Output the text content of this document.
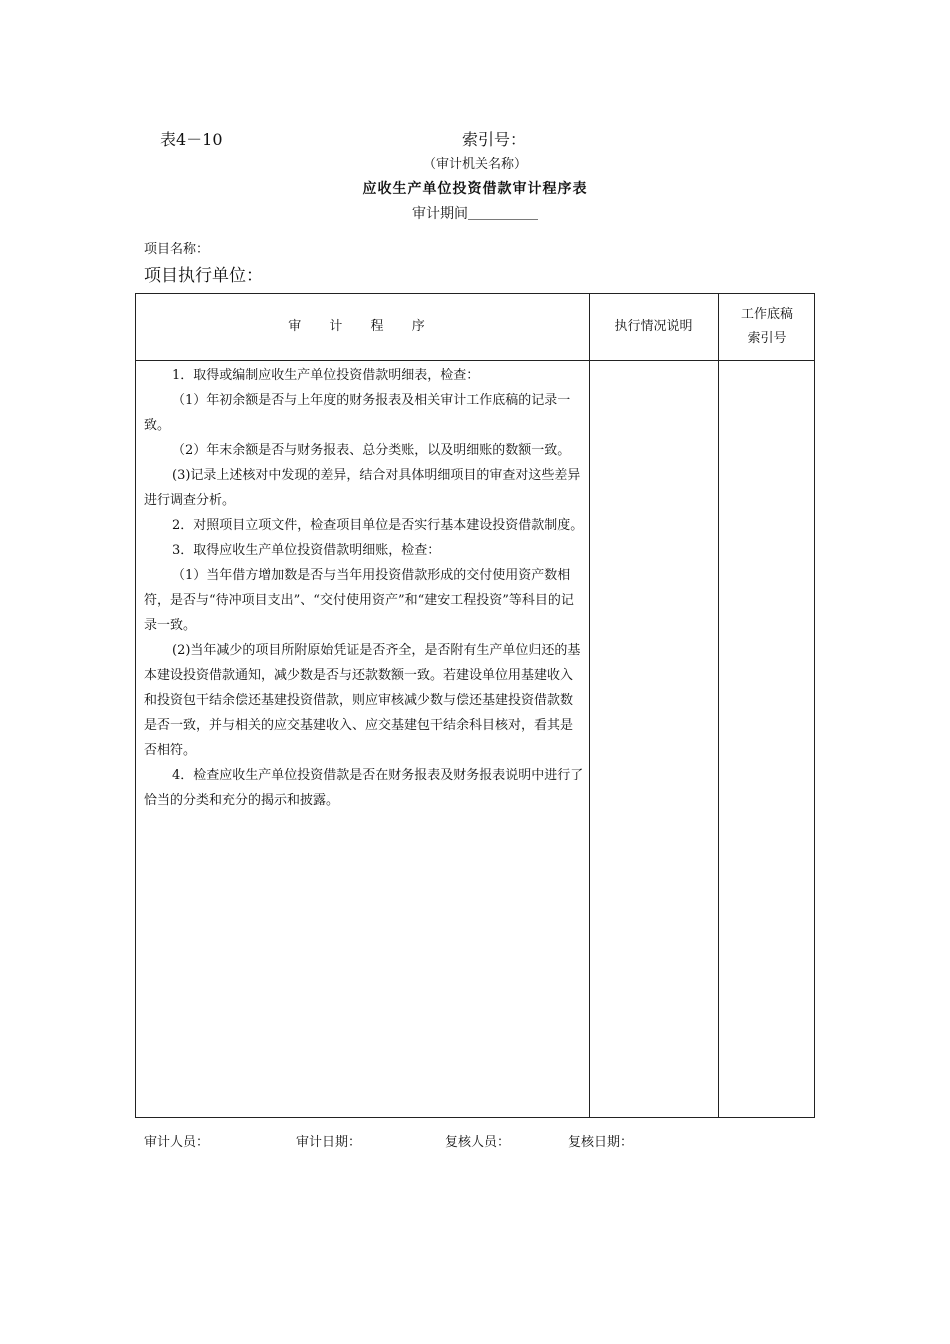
表4－10	索引号：
（审计机关名称）
应收生产单位投资借款审计程序表
审计期间＿＿＿＿＿
项目名称：
项目执行单位：
审 计 程 序	执行情况说明
工作底稿
索引号
1．取得或编制应收生产单位投资借款明细表，检查：
（1）年初余额是否与上年度的财务报表及相关审计工作底稿的记录一致。
（2）年末余额是否与财务报表、总分类账，以及明细账的数额一致。
(3)记录上述核对中发现的差异，结合对具体明细项目的审查对这些差异进行调查分析。
2．对照项目立项文件，检查项目单位是否实行基本建设投资借款制度。
3．取得应收生产单位投资借款明细账，检查：
（1）当年借方增加数是否与当年用投资借款形成的交付使用资产数相符，是否与“待冲项目支出”、“交付使用资产”和“建安工程投资”等科目的记录一致。
(2)当年减少的项目所附原始凭证是否齐全，是否附有生产单位归还的基本建设投资借款通知，减少数是否与还款数额一致。若建设单位用基建收入和投资包干结余偿还基建投资借款，则应审核减少数与偿还基建投资借款数是否一致，并与相关的应交基建收入、应交基建包干结余科目核对，看其是否相符。
4．检查应收生产单位投资借款是否在财务报表及财务报表说明中进行了恰当的分类和充分的揭示和披露。
审计人员：	审计日期：	复核人员：	复核日期：
